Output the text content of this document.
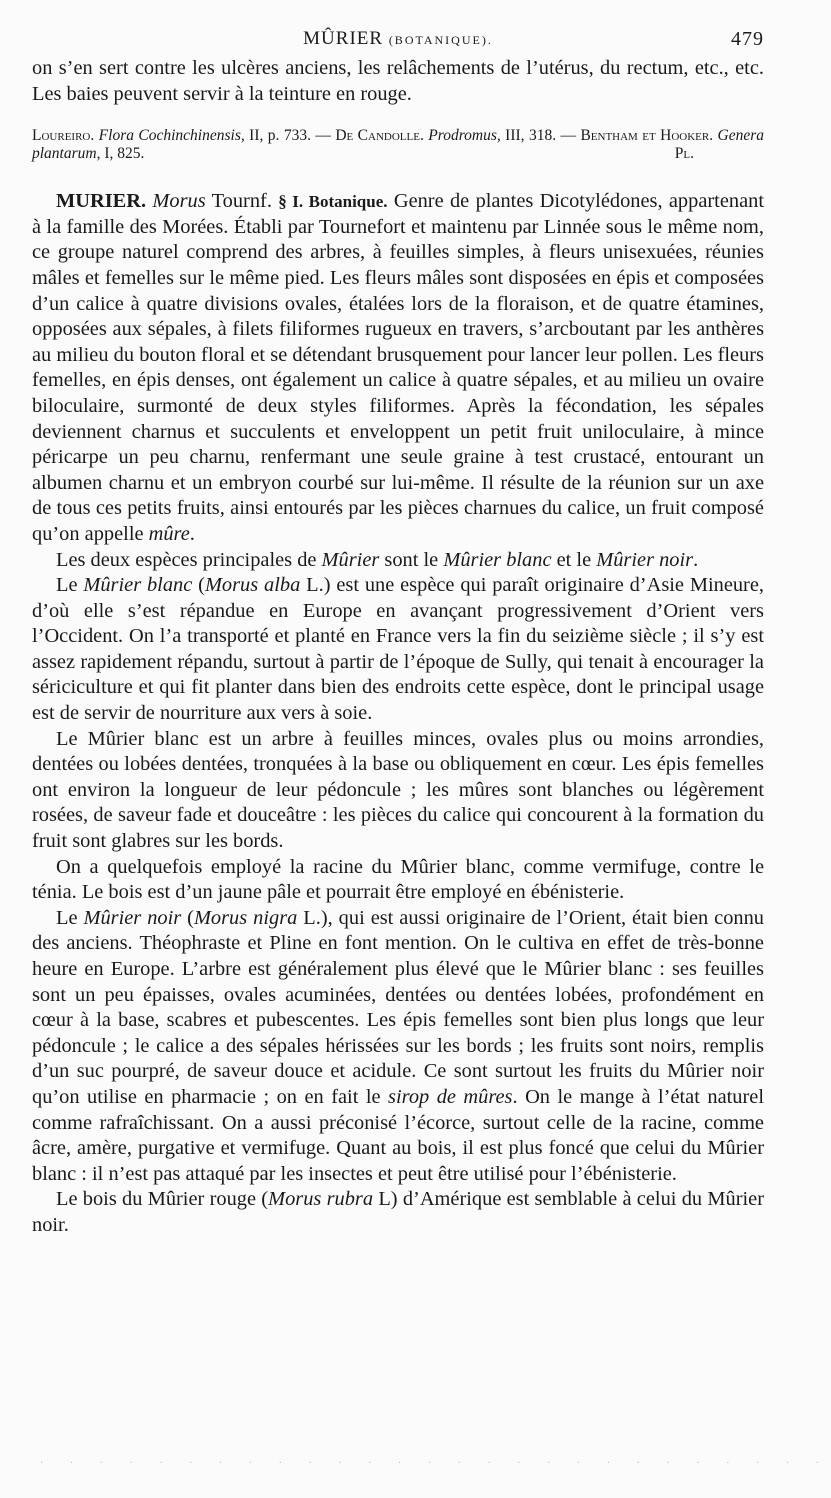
MÛRIER (BOTANIQUE).	479

on s’en sert contre les ulcères anciens, les relâchements de l’utérus, du rectum, etc., etc. Les baies peuvent servir à la teinture en rouge.

Loureiro. Flora Cochinchinensis, II, p. 733. — De Candolle. Prodromus, III, 318. — Bentham et Hooker. Genera plantarum, I, 825.	Pl.

MURIER. Morus Tournf. § I. Botanique. Genre de plantes Dicotylédones, appartenant à la famille des Morées. Établi par Tournefort et maintenu par Linnée sous le même nom, ce groupe naturel comprend des arbres, à feuilles simples, à fleurs unisexuées, réunies mâles et femelles sur le même pied. Les fleurs mâles sont disposées en épis et composées d’un calice à quatre divisions ovales, étalées lors de la floraison, et de quatre étamines, opposées aux sépales, à filets filiformes rugueux en travers, s’arcboutant par les anthères au milieu du bouton floral et se détendant brusquement pour lancer leur pollen. Les fleurs femelles, en épis denses, ont également un calice à quatre sépales, et au milieu un ovaire biloculaire, surmonté de deux styles filiformes. Après la fécondation, les sépales deviennent charnus et succulents et enveloppent un petit fruit uniloculaire, à mince péricarpe un peu charnu, renfermant une seule graine à test crustacé, entourant un albumen charnu et un embryon courbé sur lui-même. Il résulte de la réunion sur un axe de tous ces petits fruits, ainsi entourés par les pièces charnues du calice, un fruit composé qu’on appelle mûre.

Les deux espèces principales de Mûrier sont le Mûrier blanc et le Mûrier noir.

Le Mûrier blanc (Morus alba L.) est une espèce qui paraît originaire d’Asie Mineure, d’où elle s’est répandue en Europe en avançant progressivement d’Orient vers l’Occident. On l’a transporté et planté en France vers la fin du seizième siècle ; il s’y est assez rapidement répandu, surtout à partir de l’époque de Sully, qui tenait à encourager la sériciculture et qui fit planter dans bien des endroits cette espèce, dont le principal usage est de servir de nourriture aux vers à soie.

Le Mûrier blanc est un arbre à feuilles minces, ovales plus ou moins arrondies, dentées ou lobées dentées, tronquées à la base ou obliquement en cœur. Les épis femelles ont environ la longueur de leur pédoncule ; les mûres sont blanches ou légèrement rosées, de saveur fade et douceâtre : les pièces du calice qui concourent à la formation du fruit sont glabres sur les bords.

On a quelquefois employé la racine du Mûrier blanc, comme vermifuge, contre le ténia. Le bois est d’un jaune pâle et pourrait être employé en ébénisterie.

Le Mûrier noir (Morus nigra L.), qui est aussi originaire de l’Orient, était bien connu des anciens. Théophraste et Pline en font mention. On le cultiva en effet de très-bonne heure en Europe. L’arbre est généralement plus élevé que le Mûrier blanc : ses feuilles sont un peu épaisses, ovales acuminées, dentées ou dentées lobées, profondément en cœur à la base, scabres et pubescentes. Les épis femelles sont bien plus longs que leur pédoncule ; le calice a des sépales hérissées sur les bords ; les fruits sont noirs, remplis d’un suc pourpré, de saveur douce et acidule. Ce sont surtout les fruits du Mûrier noir qu’on utilise en pharmacie ; on en fait le sirop de mûres. On le mange à l’état naturel comme rafraîchissant. On a aussi préconisé l’écorce, surtout celle de la racine, comme âcre, amère, purgative et vermifuge. Quant au bois, il est plus foncé que celui du Mûrier blanc : il n’est pas attaqué par les insectes et peut être utilisé pour l’ébénisterie.

Le bois du Mûrier rouge (Morus rubra L) d’Amérique est semblable à celui du Mûrier noir.

· · · · · · · · · · · · · · · · · · · · · · · · · · ·
